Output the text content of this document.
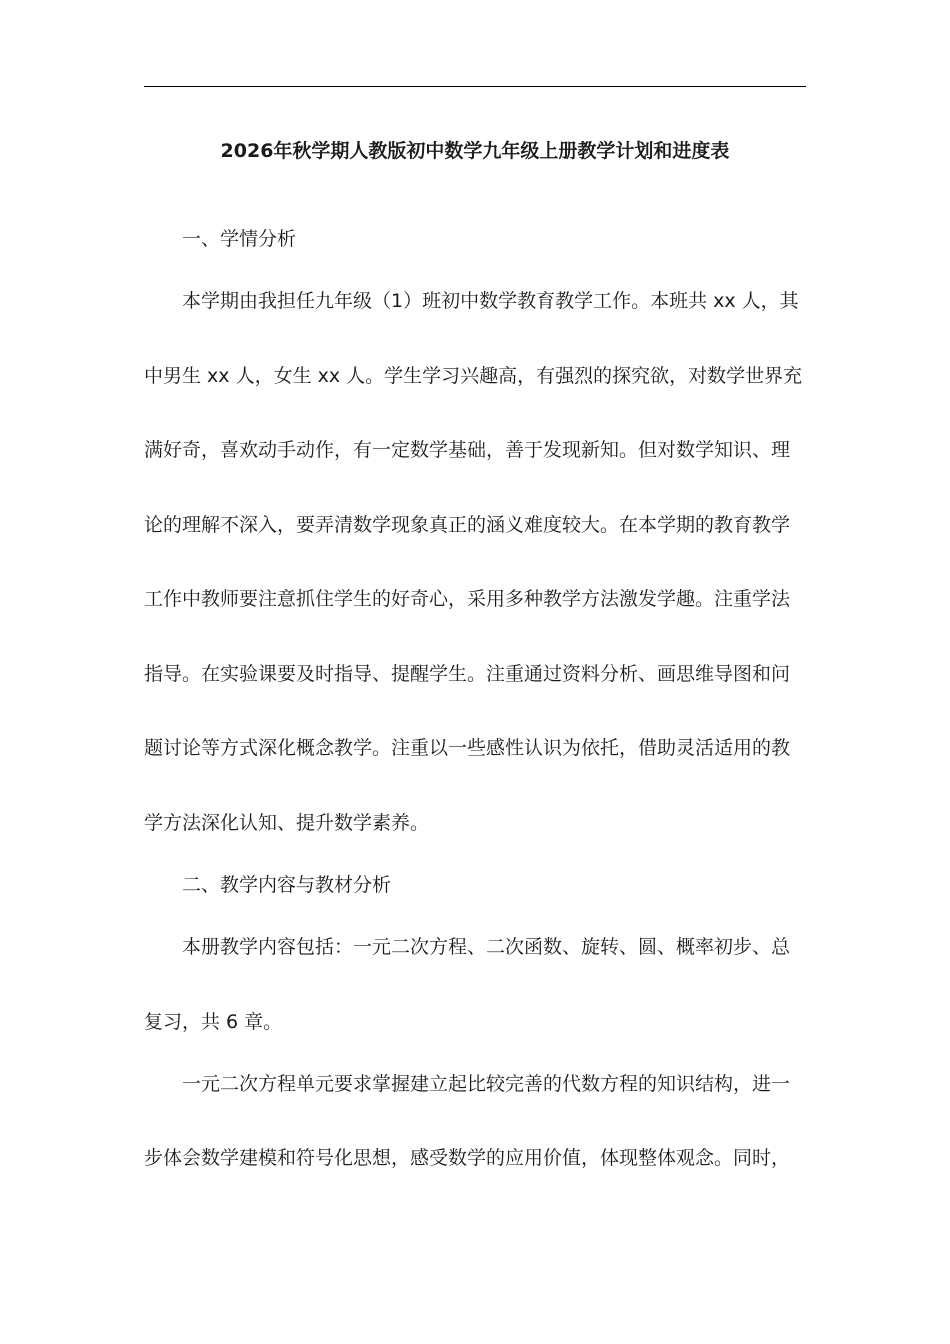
2026年秋学期人教版初中数学九年级上册教学计划和进度表
一、学情分析
本学期由我担任九年级（1）班初中数学教育教学工作。本班共 xx 人，其
中男生 xx 人，女生 xx 人。学生学习兴趣高，有强烈的探究欲，对数学世界充
满好奇，喜欢动手动作，有一定数学基础，善于发现新知。但对数学知识、理
论的理解不深入，要弄清数学现象真正的涵义难度较大。在本学期的教育教学
工作中教师要注意抓住学生的好奇心，采用多种教学方法激发学趣。注重学法
指导。在实验课要及时指导、提醒学生。注重通过资料分析、画思维导图和问
题讨论等方式深化概念教学。注重以一些感性认识为依托，借助灵活适用的教
学方法深化认知、提升数学素养。
二、教学内容与教材分析
本册教学内容包括：一元二次方程、二次函数、旋转、圆、概率初步、总
复习，共 6 章。
一元二次方程单元要求掌握建立起比较完善的代数方程的知识结构，进一
步体会数学建模和符号化思想，感受数学的应用价值，体现整体观念。同时，
